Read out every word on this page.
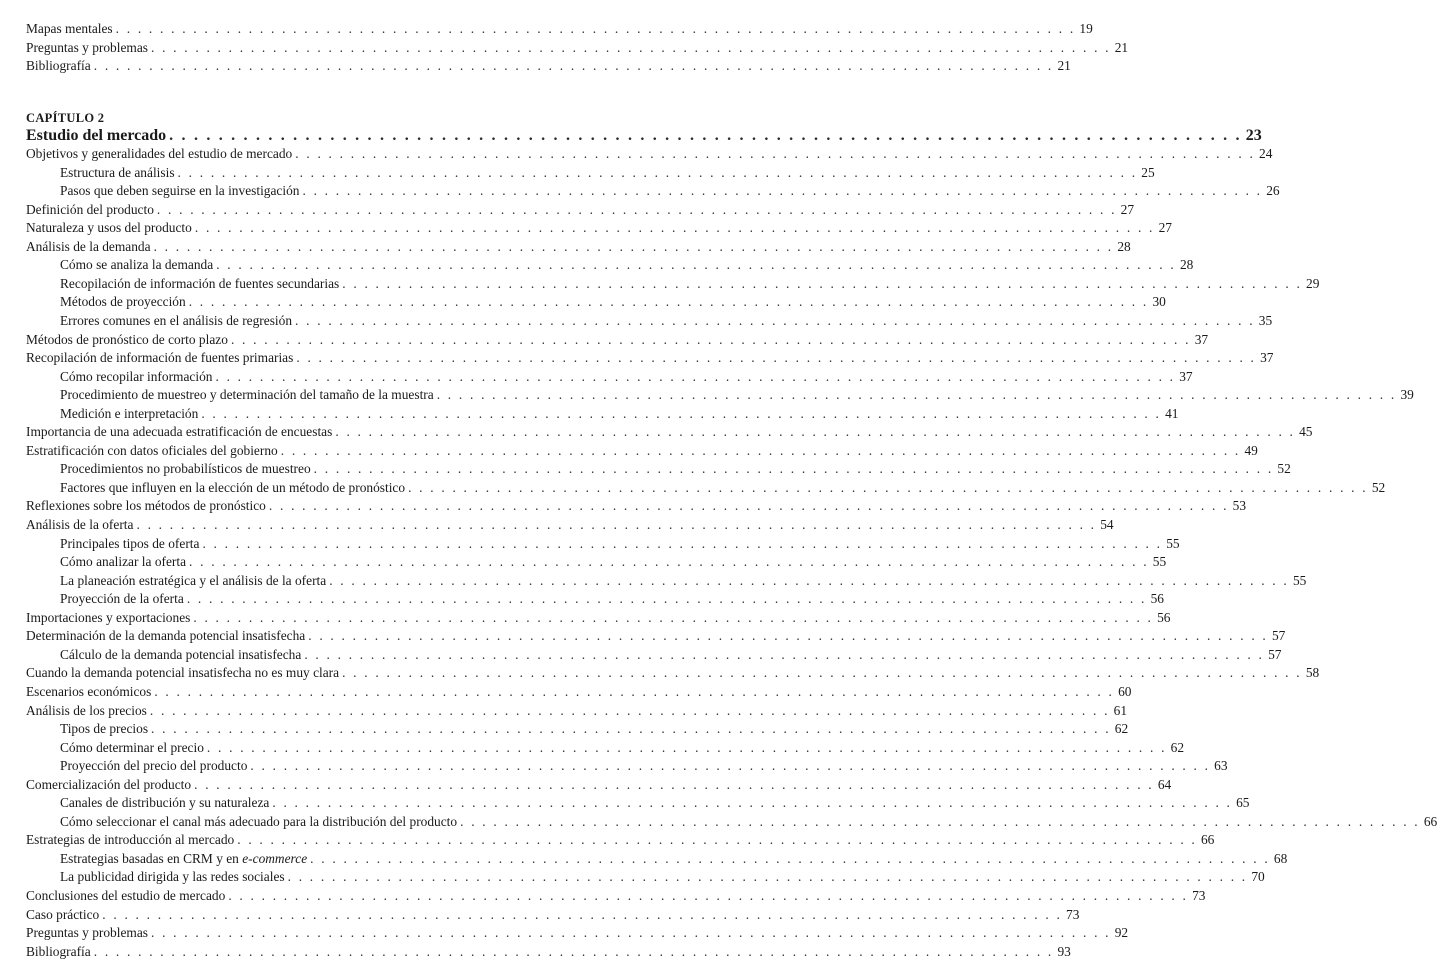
Mapas mentales . . . . . . . . . . . . . . . . . . . . . . . . . . . . . . . . . . . . . . . . . . . . . . . . . . . . . . . . . . . . . . . . . . . . . . . . . . . . . . . . . . . . . . . 19
Preguntas y problemas . . . . . . . . . . . . . . . . . . . . . . . . . . . . . . . . . . . . . . . . . . . . . . . . . . . . . . . . . . . . . . . . . . . . . . . . . . . . . . . . . . . . . . . 21
Bibliografía . . . . . . . . . . . . . . . . . . . . . . . . . . . . . . . . . . . . . . . . . . . . . . . . . . . . . . . . . . . . . . . . . . . . . . . . . . . . . . . . . . . . . . . 21
CAPÍTULO 2
Estudio del mercado . . . . . . . . . . . . . . . . . . . . . . . . . . . . . . . . . . . . . . . . . . . . . . . . . . . . . . . . . . . . . . . . . . . . . . . . . . . . . . . . . . . . . . . 23
Objetivos y generalidades del estudio de mercado . . . . . . . . . . . . . . . . . . . . . . . . . . . . . . . . . . . . . . . . . . . . . . . . . . . . . . . . . . . . . . . . . . . . . . . . . . . . . . . . . . . . . . . 24
Estructura de análisis . . . . . . . . . . . . . . . . . . . . . . . . . . . . . . . . . . . . . . . . . . . . . . . . . . . . . . . . . . . . . . . . . . . . . . . . . . . . . . . . . . . . . . . 25
Pasos que deben seguirse en la investigación . . . . . . . . . . . . . . . . . . . . . . . . . . . . . . . . . . . . . . . . . . . . . . . . . . . . . . . . . . . . . . . . . . . . . . . . . . . . . . . . . . . . . . . 26
Definición del producto . . . . . . . . . . . . . . . . . . . . . . . . . . . . . . . . . . . . . . . . . . . . . . . . . . . . . . . . . . . . . . . . . . . . . . . . . . . . . . . . . . . . . . . 27
Naturaleza y usos del producto . . . . . . . . . . . . . . . . . . . . . . . . . . . . . . . . . . . . . . . . . . . . . . . . . . . . . . . . . . . . . . . . . . . . . . . . . . . . . . . . . . . . . . . 27
Análisis de la demanda . . . . . . . . . . . . . . . . . . . . . . . . . . . . . . . . . . . . . . . . . . . . . . . . . . . . . . . . . . . . . . . . . . . . . . . . . . . . . . . . . . . . . . . 28
Cómo se analiza la demanda . . . . . . . . . . . . . . . . . . . . . . . . . . . . . . . . . . . . . . . . . . . . . . . . . . . . . . . . . . . . . . . . . . . . . . . . . . . . . . . . . . . . . . . 28
Recopilación de información de fuentes secundarias . . . . . . . . . . . . . . . . . . . . . . . . . . . . . . . . . . . . . . . . . . . . . . . . . . . . . . . . . . . . . . . . . . . . . . . . . . . . . . . . . . . . . . . 29
Métodos de proyección . . . . . . . . . . . . . . . . . . . . . . . . . . . . . . . . . . . . . . . . . . . . . . . . . . . . . . . . . . . . . . . . . . . . . . . . . . . . . . . . . . . . . . . 30
Errores comunes en el análisis de regresión . . . . . . . . . . . . . . . . . . . . . . . . . . . . . . . . . . . . . . . . . . . . . . . . . . . . . . . . . . . . . . . . . . . . . . . . . . . . . . . . . . . . . . . 35
Métodos de pronóstico de corto plazo . . . . . . . . . . . . . . . . . . . . . . . . . . . . . . . . . . . . . . . . . . . . . . . . . . . . . . . . . . . . . . . . . . . . . . . . . . . . . . . . . . . . . . . 37
Recopilación de información de fuentes primarias . . . . . . . . . . . . . . . . . . . . . . . . . . . . . . . . . . . . . . . . . . . . . . . . . . . . . . . . . . . . . . . . . . . . . . . . . . . . . . . . . . . . . . . 37
Cómo recopilar información . . . . . . . . . . . . . . . . . . . . . . . . . . . . . . . . . . . . . . . . . . . . . . . . . . . . . . . . . . . . . . . . . . . . . . . . . . . . . . . . . . . . . . . 37
Procedimiento de muestreo y determinación del tamaño de la muestra . . . . . . . . . . . . . . . . . . . . . . . . . . . . . . . . . . . . . . . . . . . . . . . . . . . . . . . . . . . . . . . . . . . . . . . . . . . . . . . . . . . . . . . 39
Medición e interpretación . . . . . . . . . . . . . . . . . . . . . . . . . . . . . . . . . . . . . . . . . . . . . . . . . . . . . . . . . . . . . . . . . . . . . . . . . . . . . . . . . . . . . . . 41
Importancia de una adecuada estratificación de encuestas . . . . . . . . . . . . . . . . . . . . . . . . . . . . . . . . . . . . . . . . . . . . . . . . . . . . . . . . . . . . . . . . . . . . . . . . . . . . . . . . . . . . . . . 45
Estratificación con datos oficiales del gobierno . . . . . . . . . . . . . . . . . . . . . . . . . . . . . . . . . . . . . . . . . . . . . . . . . . . . . . . . . . . . . . . . . . . . . . . . . . . . . . . . . . . . . . . 49
Procedimientos no probabilísticos de muestreo . . . . . . . . . . . . . . . . . . . . . . . . . . . . . . . . . . . . . . . . . . . . . . . . . . . . . . . . . . . . . . . . . . . . . . . . . . . . . . . . . . . . . . . 52
Factores que influyen en la elección de un método de pronóstico . . . . . . . . . . . . . . . . . . . . . . . . . . . . . . . . . . . . . . . . . . . . . . . . . . . . . . . . . . . . . . . . . . . . . . . . . . . . . . . . . . . . . . . 52
Reflexiones sobre los métodos de pronóstico . . . . . . . . . . . . . . . . . . . . . . . . . . . . . . . . . . . . . . . . . . . . . . . . . . . . . . . . . . . . . . . . . . . . . . . . . . . . . . . . . . . . . . . 53
Análisis de la oferta . . . . . . . . . . . . . . . . . . . . . . . . . . . . . . . . . . . . . . . . . . . . . . . . . . . . . . . . . . . . . . . . . . . . . . . . . . . . . . . . . . . . . . . 54
Principales tipos de oferta . . . . . . . . . . . . . . . . . . . . . . . . . . . . . . . . . . . . . . . . . . . . . . . . . . . . . . . . . . . . . . . . . . . . . . . . . . . . . . . . . . . . . . . 55
Cómo analizar la oferta . . . . . . . . . . . . . . . . . . . . . . . . . . . . . . . . . . . . . . . . . . . . . . . . . . . . . . . . . . . . . . . . . . . . . . . . . . . . . . . . . . . . . . . 55
La planeación estratégica y el análisis de la oferta . . . . . . . . . . . . . . . . . . . . . . . . . . . . . . . . . . . . . . . . . . . . . . . . . . . . . . . . . . . . . . . . . . . . . . . . . . . . . . . . . . . . . . . 55
Proyección de la oferta . . . . . . . . . . . . . . . . . . . . . . . . . . . . . . . . . . . . . . . . . . . . . . . . . . . . . . . . . . . . . . . . . . . . . . . . . . . . . . . . . . . . . . . 56
Importaciones y exportaciones . . . . . . . . . . . . . . . . . . . . . . . . . . . . . . . . . . . . . . . . . . . . . . . . . . . . . . . . . . . . . . . . . . . . . . . . . . . . . . . . . . . . . . . 56
Determinación de la demanda potencial insatisfecha . . . . . . . . . . . . . . . . . . . . . . . . . . . . . . . . . . . . . . . . . . . . . . . . . . . . . . . . . . . . . . . . . . . . . . . . . . . . . . . . . . . . . . . 57
Cálculo de la demanda potencial insatisfecha . . . . . . . . . . . . . . . . . . . . . . . . . . . . . . . . . . . . . . . . . . . . . . . . . . . . . . . . . . . . . . . . . . . . . . . . . . . . . . . . . . . . . . . 57
Cuando la demanda potencial insatisfecha no es muy clara . . . . . . . . . . . . . . . . . . . . . . . . . . . . . . . . . . . . . . . . . . . . . . . . . . . . . . . . . . . . . . . . . . . . . . . . . . . . . . . . . . . . . . . 58
Escenarios económicos . . . . . . . . . . . . . . . . . . . . . . . . . . . . . . . . . . . . . . . . . . . . . . . . . . . . . . . . . . . . . . . . . . . . . . . . . . . . . . . . . . . . . . . 60
Análisis de los precios . . . . . . . . . . . . . . . . . . . . . . . . . . . . . . . . . . . . . . . . . . . . . . . . . . . . . . . . . . . . . . . . . . . . . . . . . . . . . . . . . . . . . . . 61
Tipos de precios . . . . . . . . . . . . . . . . . . . . . . . . . . . . . . . . . . . . . . . . . . . . . . . . . . . . . . . . . . . . . . . . . . . . . . . . . . . . . . . . . . . . . . . 62
Cómo determinar el precio . . . . . . . . . . . . . . . . . . . . . . . . . . . . . . . . . . . . . . . . . . . . . . . . . . . . . . . . . . . . . . . . . . . . . . . . . . . . . . . . . . . . . . . 62
Proyección del precio del producto . . . . . . . . . . . . . . . . . . . . . . . . . . . . . . . . . . . . . . . . . . . . . . . . . . . . . . . . . . . . . . . . . . . . . . . . . . . . . . . . . . . . . . . 63
Comercialización del producto . . . . . . . . . . . . . . . . . . . . . . . . . . . . . . . . . . . . . . . . . . . . . . . . . . . . . . . . . . . . . . . . . . . . . . . . . . . . . . . . . . . . . . . 64
Canales de distribución y su naturaleza . . . . . . . . . . . . . . . . . . . . . . . . . . . . . . . . . . . . . . . . . . . . . . . . . . . . . . . . . . . . . . . . . . . . . . . . . . . . . . . . . . . . . . . 65
Cómo seleccionar el canal más adecuado para la distribución del producto . . . . . . . . . . . . . . . . . . . . . . . . . . . . . . . . . . . . . . . . . . . . . . . . . . . . . . . . . . . . . . . . . . . . . . . . . . . . . . . . . . . . . . . 66
Estrategias de introducción al mercado . . . . . . . . . . . . . . . . . . . . . . . . . . . . . . . . . . . . . . . . . . . . . . . . . . . . . . . . . . . . . . . . . . . . . . . . . . . . . . . . . . . . . . . 66
Estrategias basadas en CRM y en e-commerce . . . . . . . . . . . . . . . . . . . . . . . . . . . . . . . . . . . . . . . . . . . . . . . . . . . . . . . . . . . . . . . . . . . . . . . . . . . . . . . . . . . . . . . 68
La publicidad dirigida y las redes sociales . . . . . . . . . . . . . . . . . . . . . . . . . . . . . . . . . . . . . . . . . . . . . . . . . . . . . . . . . . . . . . . . . . . . . . . . . . . . . . . . . . . . . . . 70
Conclusiones del estudio de mercado . . . . . . . . . . . . . . . . . . . . . . . . . . . . . . . . . . . . . . . . . . . . . . . . . . . . . . . . . . . . . . . . . . . . . . . . . . . . . . . . . . . . . . . 73
Caso práctico . . . . . . . . . . . . . . . . . . . . . . . . . . . . . . . . . . . . . . . . . . . . . . . . . . . . . . . . . . . . . . . . . . . . . . . . . . . . . . . . . . . . . . . 73
Preguntas y problemas . . . . . . . . . . . . . . . . . . . . . . . . . . . . . . . . . . . . . . . . . . . . . . . . . . . . . . . . . . . . . . . . . . . . . . . . . . . . . . . . . . . . . . . 92
Bibliografía . . . . . . . . . . . . . . . . . . . . . . . . . . . . . . . . . . . . . . . . . . . . . . . . . . . . . . . . . . . . . . . . . . . . . . . . . . . . . . . . . . . . . . . 93
